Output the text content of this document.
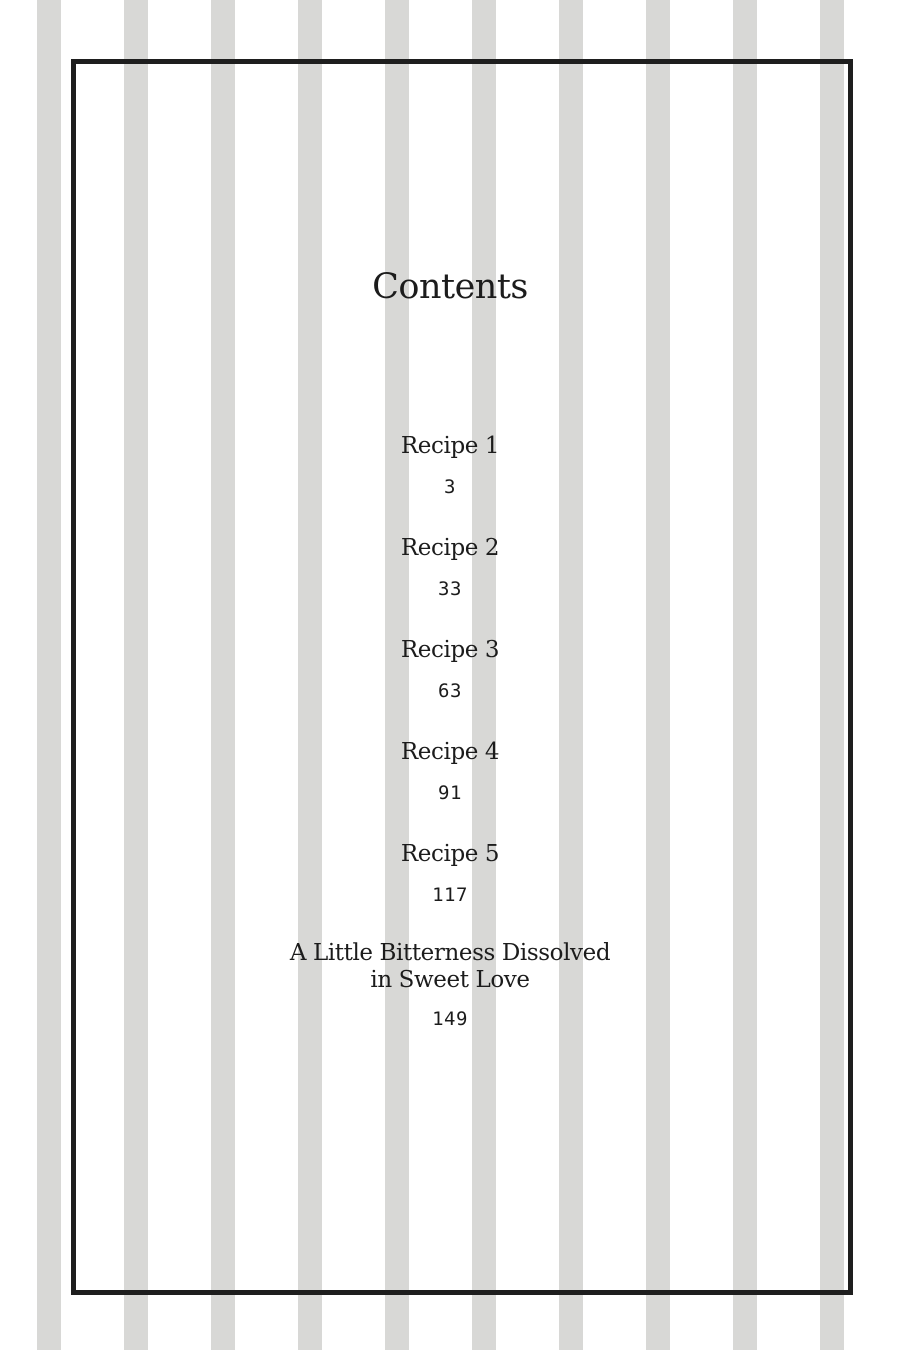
Contents
Recipe 1
3
Recipe 2
33
Recipe 3
63
Recipe 4
91
Recipe 5
117
A Little Bitterness Dissolved
in Sweet Love
149
